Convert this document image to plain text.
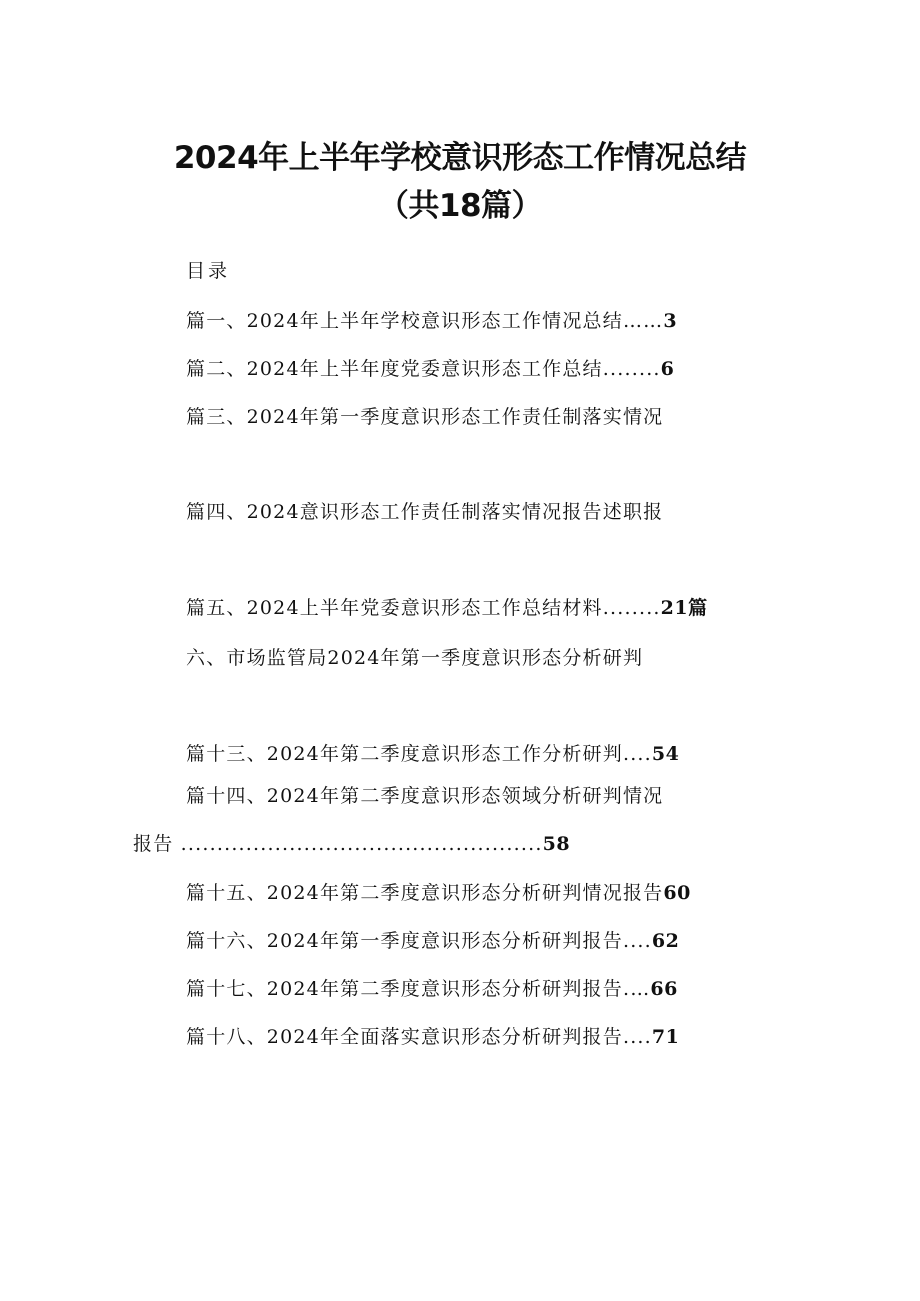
2024年上半年学校意识形态工作情况总结
（共18篇）
目录
篇一、2024年上半年学校意识形态工作情况总结……3
篇二、2024年上半年度党委意识形态工作总结........6
篇三、2024年第一季度意识形态工作责任制落实情况
篇四、2024意识形态工作责任制落实情况报告述职报
篇五、2024上半年党委意识形态工作总结材料........21篇
六、市场监管局2024年第一季度意识形态分析研判
篇十三、2024年第二季度意识形态工作分析研判....54
篇十四、2024年第二季度意识形态领域分析研判情况
报告 ..................................................58
篇十五、2024年第二季度意识形态分析研判情况报告60
篇十六、2024年第一季度意识形态分析研判报告....62
篇十七、2024年第二季度意识形态分析研判报告.…66
篇十八、2024年全面落实意识形态分析研判报告....71
